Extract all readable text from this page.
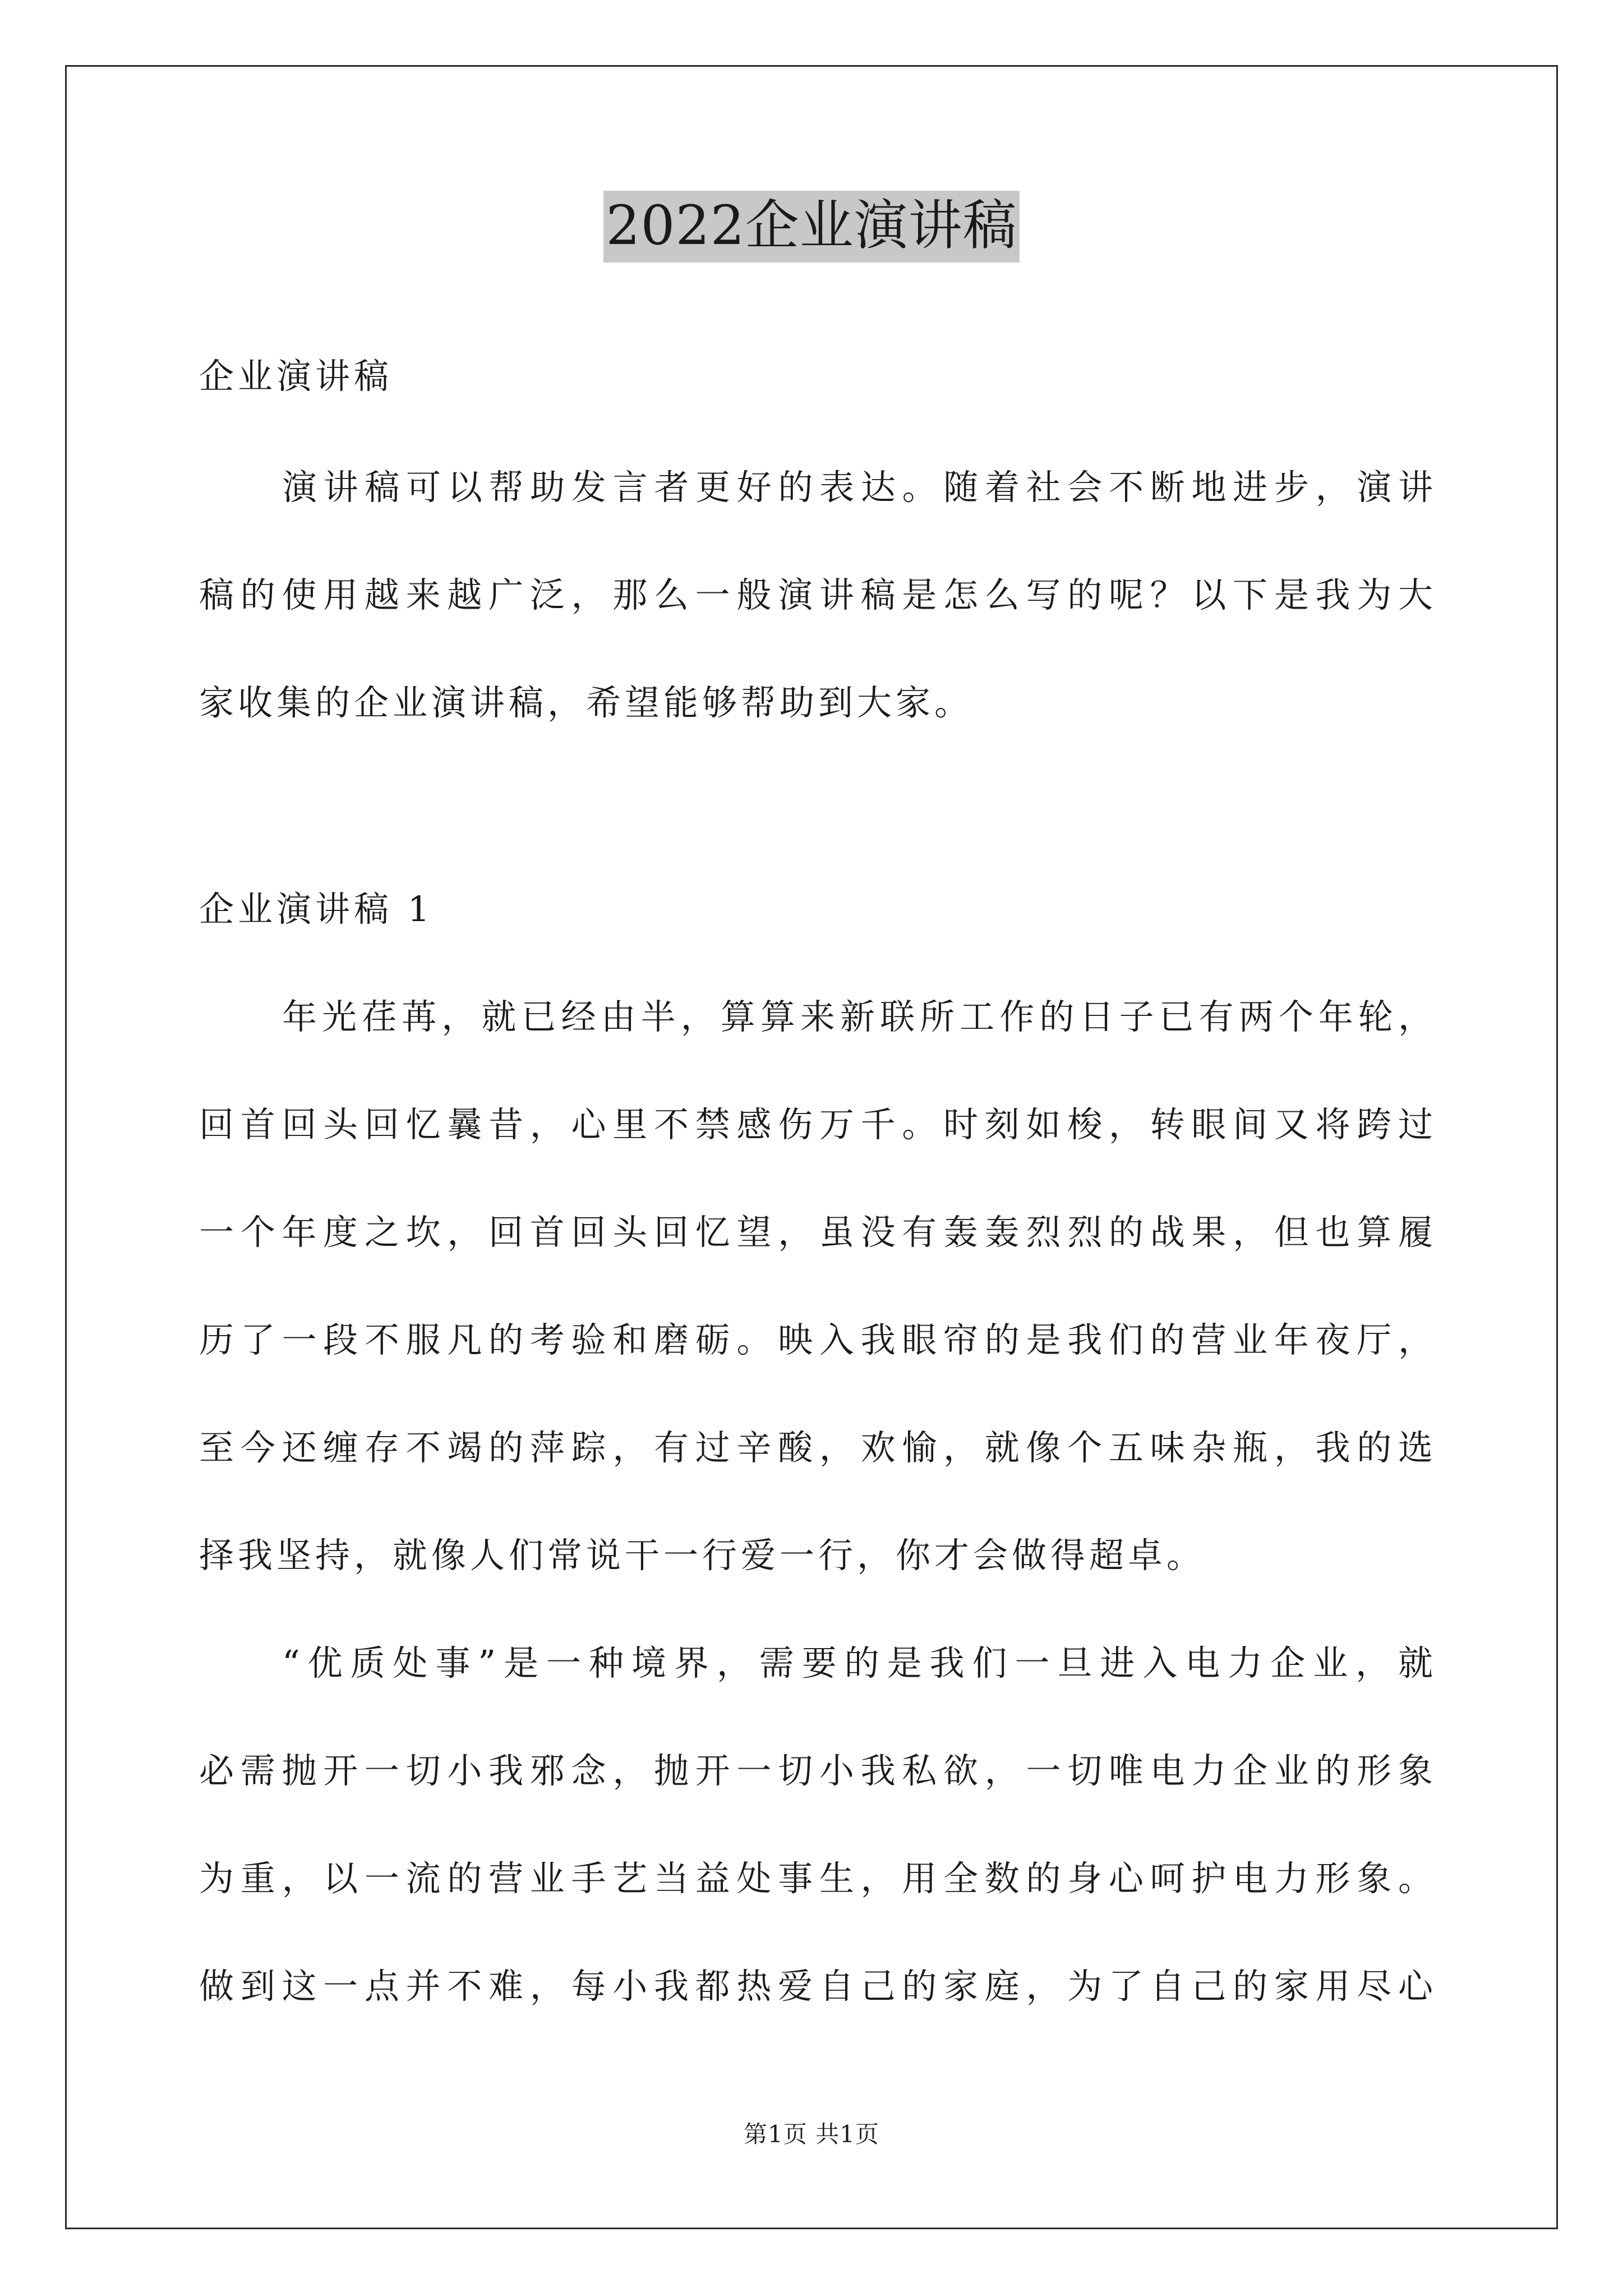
2022企业演讲稿
企业演讲稿
演讲稿可以帮助发言者更好的表达。随着社会不断地进步，演讲
稿的使用越来越广泛，那么一般演讲稿是怎么写的呢？以下是我为大
家收集的企业演讲稿，希望能够帮助到大家。
企业演讲稿 1
年光荏苒，就已经由半，算算来新联所工作的日子已有两个年轮，
回首回头回忆曩昔，心里不禁感伤万千。时刻如梭，转眼间又将跨过
一个年度之坎，回首回头回忆望，虽没有轰轰烈烈的战果，但也算履
历了一段不服凡的考验和磨砺。映入我眼帘的是我们的营业年夜厅，
至今还缠存不竭的萍踪，有过辛酸，欢愉，就像个五味杂瓶，我的选
择我坚持，就像人们常说干一行爱一行，你才会做得超卓。
“优质处事”是一种境界，需要的是我们一旦进入电力企业，就
必需抛开一切小我邪念，抛开一切小我私欲，一切唯电力企业的形象
为重，以一流的营业手艺当益处事生，用全数的身心呵护电力形象。
做到这一点并不难，每小我都热爱自己的家庭，为了自己的家用尽心
第1页 共1页
